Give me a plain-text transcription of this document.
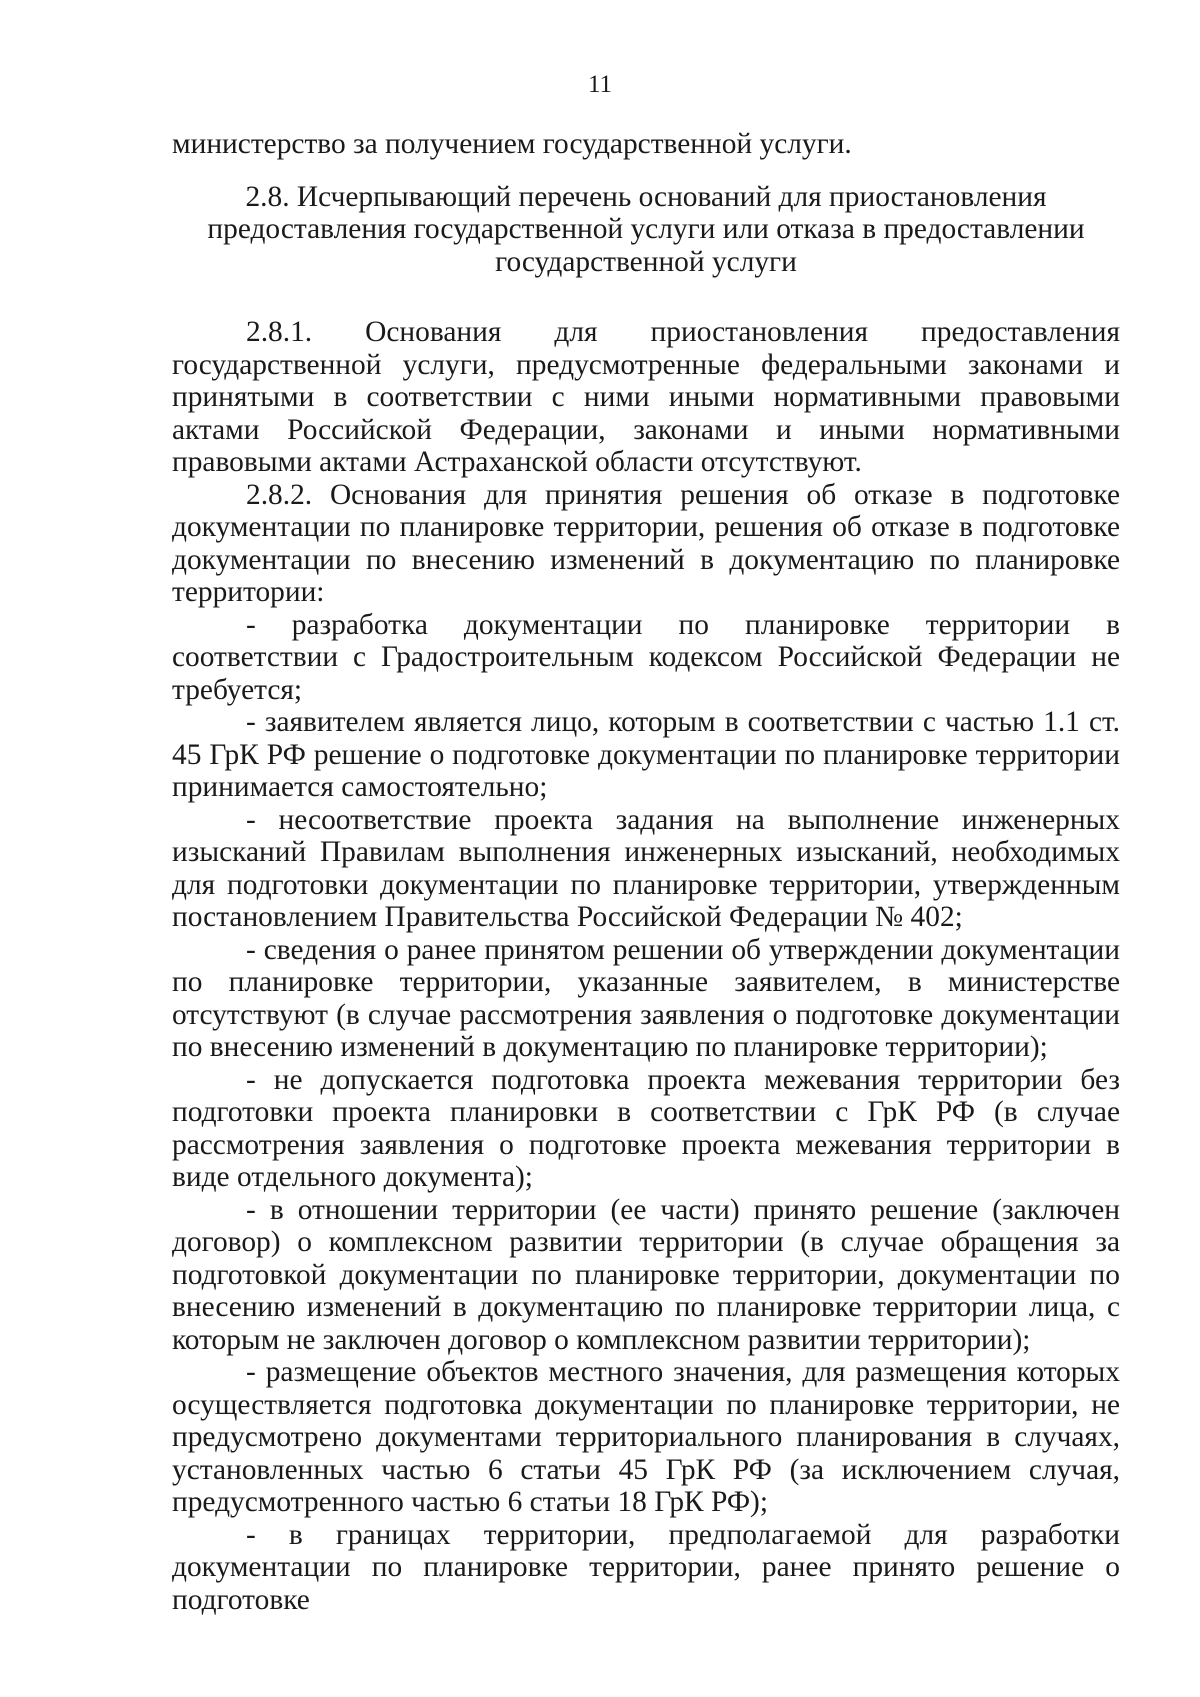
11

министерство за получением государственной услуги.

2.8. Исчерпывающий перечень оснований для приостановления предоставления государственной услуги или отказа в предоставлении государственной услуги

2.8.1. Основания для приостановления предоставления государственной услуги, предусмотренные федеральными законами и принятыми в соответствии с ними иными нормативными правовыми актами Российской Федерации, законами и иными нормативными правовыми актами Астраханской области отсутствуют.

2.8.2. Основания для принятия решения об отказе в подготовке документации по планировке территории, решения об отказе в подготовке документации по внесению изменений в документацию по планировке территории:

- разработка документации по планировке территории в соответствии с Градостроительным кодексом Российской Федерации не требуется;

- заявителем является лицо, которым в соответствии с частью 1.1 ст. 45 ГрК РФ решение о подготовке документации по планировке территории принимается самостоятельно;

- несоответствие проекта задания на выполнение инженерных изысканий Правилам выполнения инженерных изысканий, необходимых для подготовки документации по планировке территории, утвержденным постановлением Правительства Российской Федерации № 402;

- сведения о ранее принятом решении об утверждении документации по планировке территории, указанные заявителем, в министерстве отсутствуют (в случае рассмотрения заявления о подготовке документации по внесению изменений в документацию по планировке территории);

- не допускается подготовка проекта межевания территории без подготовки проекта планировки в соответствии с ГрК РФ (в случае рассмотрения заявления о подготовке проекта межевания территории в виде отдельного документа);

- в отношении территории (ее части) принято решение (заключен договор) о комплексном развитии территории (в случае обращения за подготовкой документации по планировке территории, документации по внесению изменений в документацию по планировке территории лица, с которым не заключен договор о комплексном развитии территории);

- размещение объектов местного значения, для размещения которых осуществляется подготовка документации по планировке территории, не предусмотрено документами территориального планирования в случаях, установленных частью 6 статьи 45 ГрК РФ (за исключением случая, предусмотренного частью 6 статьи 18 ГрК РФ);

- в границах территории, предполагаемой для разработки документации по планировке территории, ранее принято решение о подготовке
